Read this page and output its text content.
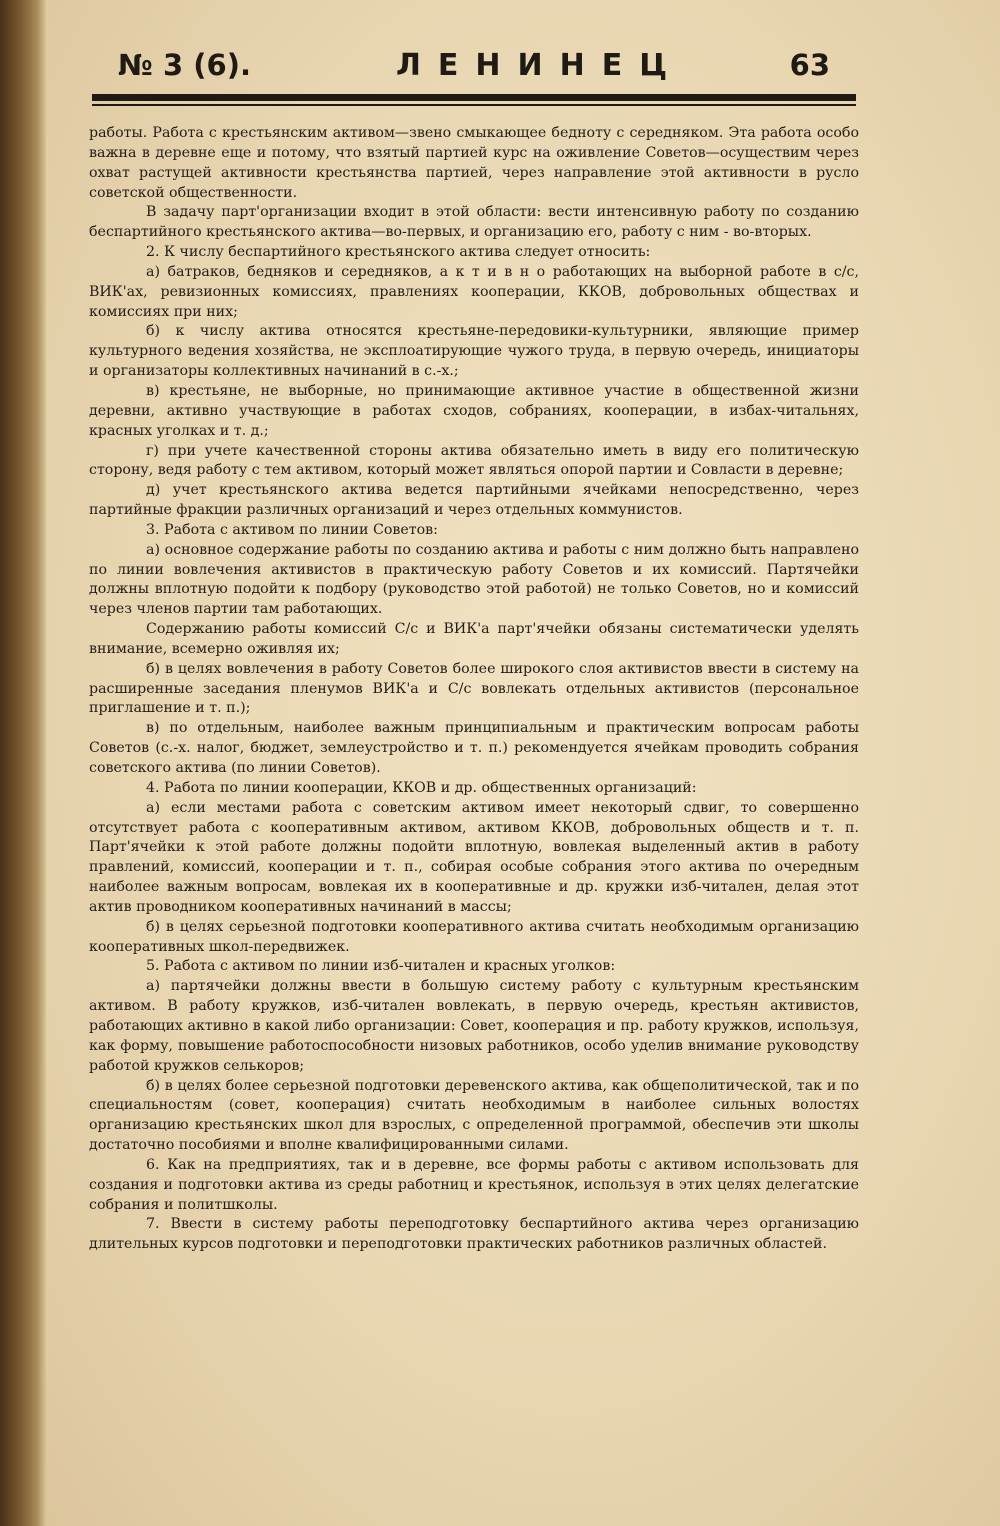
№ 3 (6).	ЛЕНИНЕЦ	63

работы. Работа с крестьянским активом—звено смыкающее бедноту с середняком. Эта работа особо важна в деревне еще и потому, что взятый партией курс на оживление Советов—осуществим через охват растущей активности крестьянства партией, через направление этой активности в русло советской общественности.

В задачу парт'организации входит в этой области: вести интенсивную работу по созданию беспартийного крестьянского актива—во-первых, и организацию его, работу с ним - во-вторых.

2. К числу беспартийного крестьянского актива следует относить:

а) батраков, бедняков и середняков, а к т и в н о работающих на выборной работе в с/с, ВИК'ах, ревизионных комиссиях, правлениях кооперации, ККОВ, добровольных обществах и комиссиях при них;

б) к числу актива относятся крестьяне-передовики-культурники, являющие пример культурного ведения хозяйства, не эксплоатирующие чужого труда, в первую очередь, инициаторы и организаторы коллективных начинаний в с.-х.;

в) крестьяне, не выборные, но принимающие активное участие в общественной жизни деревни, активно участвующие в работах сходов, собраниях, кооперации, в избах-читальнях, красных уголках и т. д.;

г) при учете качественной стороны актива обязательно иметь в виду его политическую сторону, ведя работу с тем активом, который может являться опорой партии и Совласти в деревне;

д) учет крестьянского актива ведется партийными ячейками непосредственно, через партийные фракции различных организаций и через отдельных коммунистов.

3. Работа с активом по линии Советов:

а) основное содержание работы по созданию актива и работы с ним должно быть направлено по линии вовлечения активистов в практическую работу Советов и их комиссий. Партячейки должны вплотную подойти к подбору (руководство этой работой) не только Советов, но и комиссий через членов партии там работающих.

Содержанию работы комиссий С/с и ВИК'а парт'ячейки обязаны систематически уделять внимание, всемерно оживляя их;

б) в целях вовлечения в работу Советов более широкого слоя активистов ввести в систему на расширенные заседания пленумов ВИК'а и С/с вовлекать отдельных активистов (персональное приглашение и т. п.);

в) по отдельным, наиболее важным принципиальным и практическим вопросам работы Советов (с.-х. налог, бюджет, землеустройство и т. п.) рекомендуется ячейкам проводить собрания советского актива (по линии Советов).

4. Работа по линии кооперации, ККОВ и др. общественных организаций:

а) если местами работа с советским активом имеет некоторый сдвиг, то совершенно отсутствует работа с кооперативным активом, активом ККОВ, добровольных обществ и т. п. Парт'ячейки к этой работе должны подойти вплотную, вовлекая выделенный актив в работу правлений, комиссий, кооперации и т. п., собирая особые собрания этого актива по очередным наиболее важным вопросам, вовлекая их в кооперативные и др. кружки изб-читален, делая этот актив проводником кооперативных начинаний в массы;

б) в целях серьезной подготовки кооперативного актива считать необходимым организацию кооперативных школ-передвижек.

5. Работа с активом по линии изб-читален и красных уголков:

а) партячейки должны ввести в большую систему работу с культурным крестьянским активом. В работу кружков, изб-читален вовлекать, в первую очередь, крестьян активистов, работающих активно в какой либо организации: Совет, кооперация и пр. работу кружков, используя, как форму, повышение работоспособности низовых работников, особо уделив внимание руководству работой кружков селькоров;

б) в целях более серьезной подготовки деревенского актива, как общеполитической, так и по специальностям (совет, кооперация) считать необходимым в наиболее сильных волостях организацию крестьянских школ для взрослых, с определенной программой, обеспечив эти школы достаточно пособиями и вполне квалифицированными силами.

6. Как на предприятиях, так и в деревне, все формы работы с активом использовать для создания и подготовки актива из среды работниц и крестьянок, используя в этих целях делегатские собрания и политшколы.

7. Ввести в систему работы переподготовку беспартийного актива через организацию длительных курсов подготовки и переподготовки практических работников различных областей.
